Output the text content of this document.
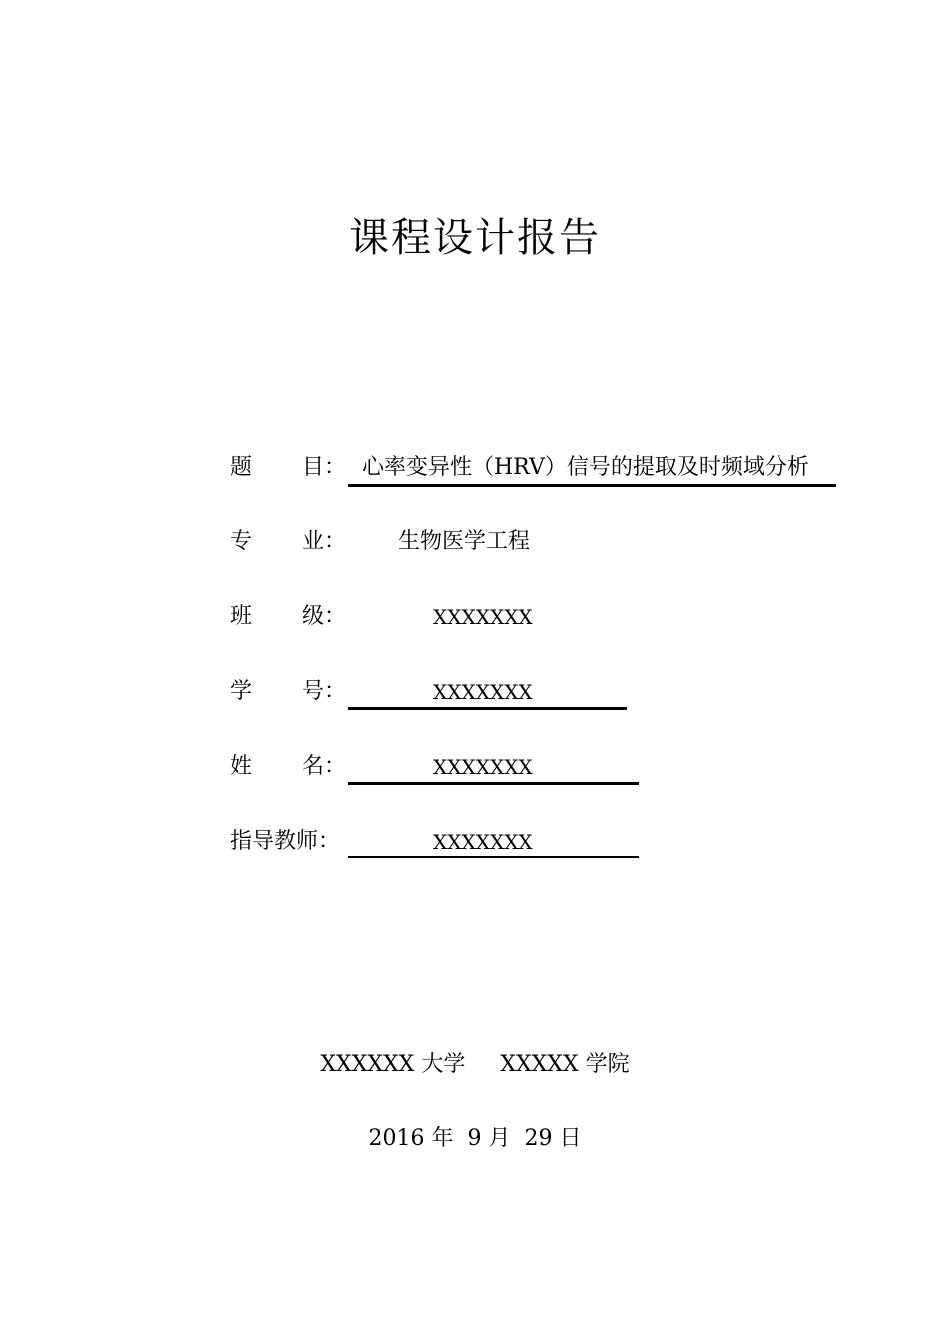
课程设计报告
题 目： 心率变异性（HRV）信号的提取及时频域分析
专 业： 生物医学工程
班 级：	XXXXXXX
学 号：	XXXXXXX
姓 名：	XXXXXXX
指导教师：	XXXXXXX
XXXXXX 大学     XXXXX 学院
2016 年  9 月  29 日
